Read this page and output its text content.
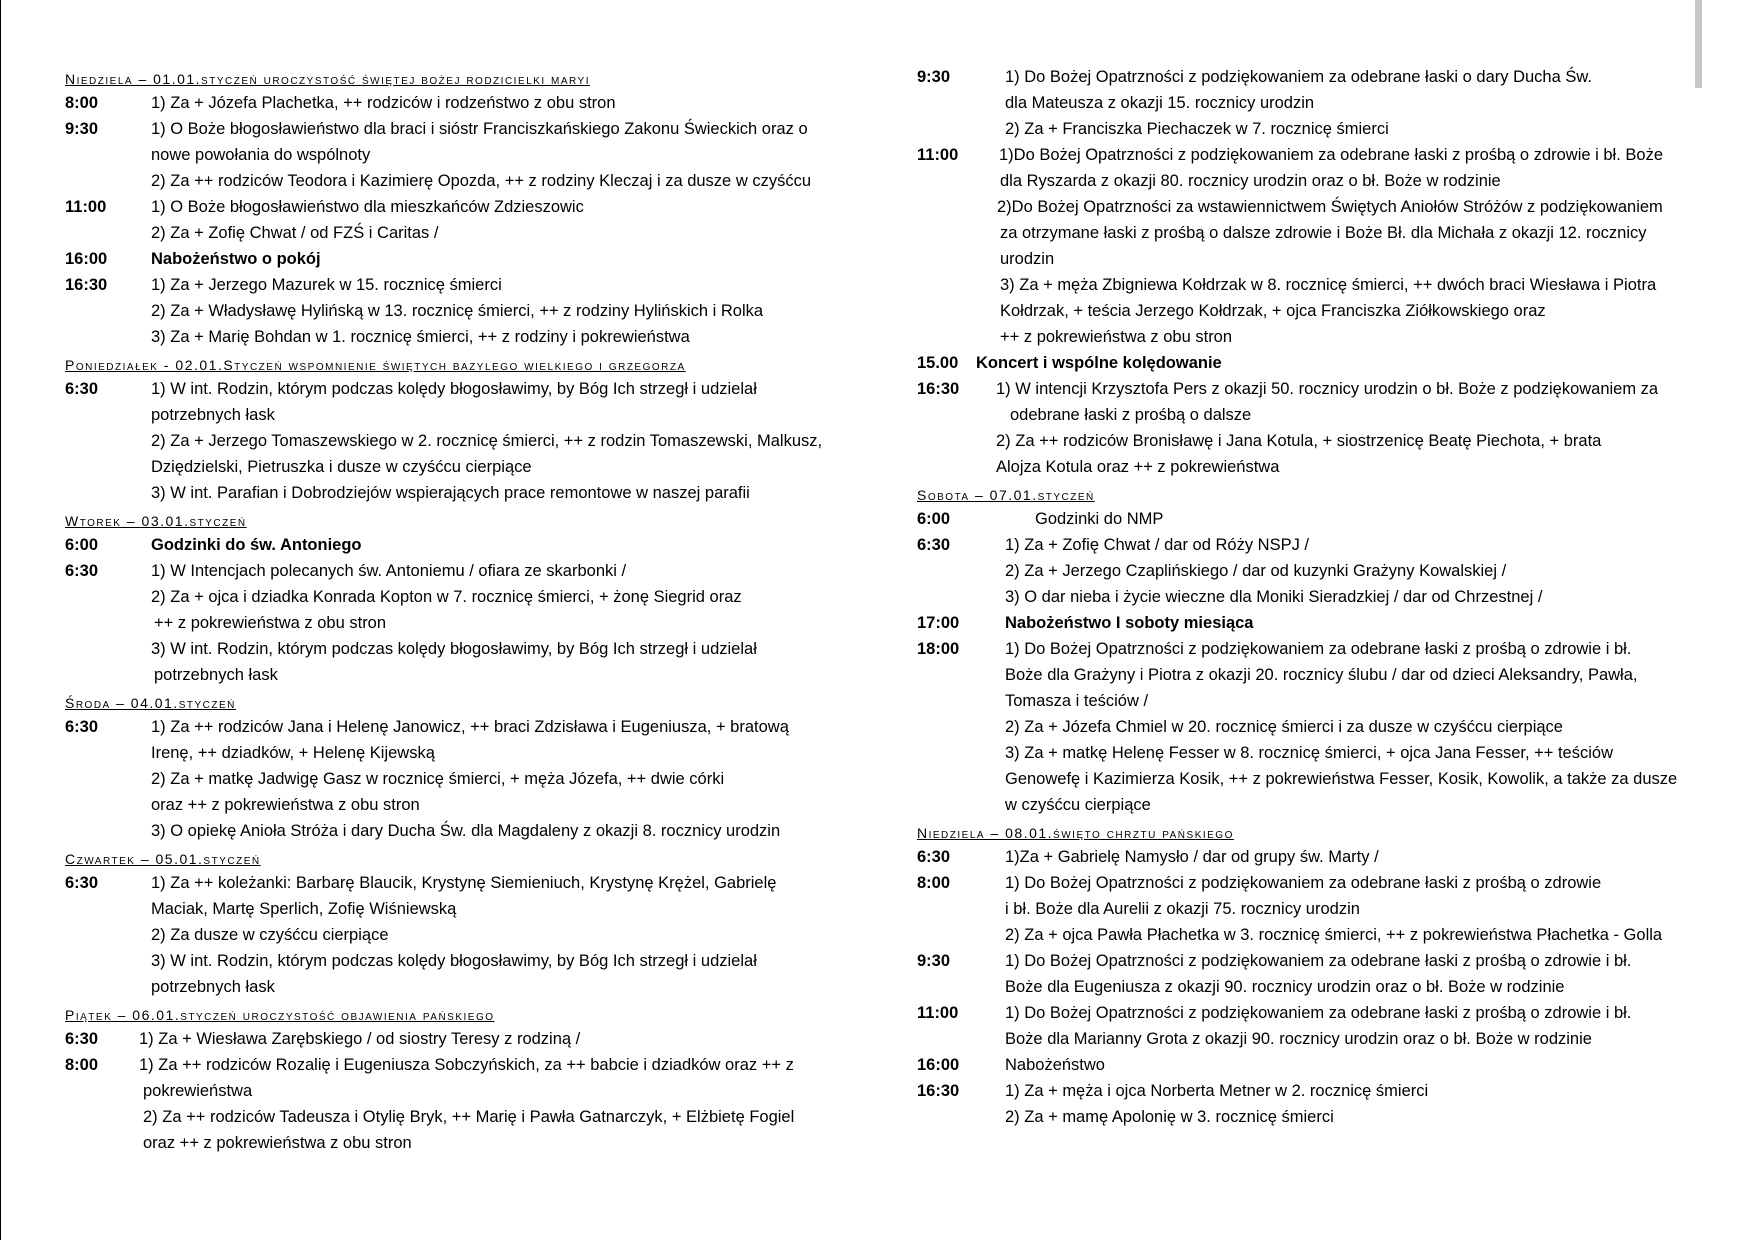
Niedziela – 01.01.styczeń uroczystość świętej bożej rodzicielki maryi
8:00	1) Za + Józefa Plachetka, ++ rodziców i rodzeństwo z obu stron
9:30	1) O Boże błogosławieństwo dla braci i sióstr Franciszkańskiego Zakonu Świeckich oraz o
nowe powołania do wspólnoty
2) Za ++ rodziców Teodora i Kazimierę Opozda, ++ z rodziny Kleczaj i za dusze w czyśćcu
11:00	1) O Boże błogosławieństwo dla mieszkańców Zdzieszowic
2) Za + Zofię Chwat / od FZŚ i Caritas /
16:00	Nabożeństwo o pokój
16:30	1) Za + Jerzego Mazurek w 15. rocznicę śmierci
2) Za + Władysławę Hylińską w 13. rocznicę śmierci, ++ z rodziny Hylińskich i Rolka
3) Za + Marię Bohdan w 1. rocznicę śmierci, ++ z rodziny i pokrewieństwa
Poniedziałek - 02.01.Styczeń wspomnienie świętych bazylego wielkiego i grzegorza
6:30	1) W int. Rodzin, którym podczas kolędy błogosławimy, by Bóg Ich strzegł i udzielał
potrzebnych łask
2) Za + Jerzego Tomaszewskiego w 2. rocznicę śmierci, ++ z rodzin Tomaszewski, Malkusz,
Dziędzielski, Pietruszka i dusze w czyśćcu cierpiące
3) W int. Parafian i Dobrodziejów wspierających prace remontowe w naszej parafii
Wtorek – 03.01.styczeń
6:00	Godzinki do św. Antoniego
6:30	1) W Intencjach polecanych św. Antoniemu / ofiara ze skarbonki /
2) Za + ojca i dziadka Konrada Kopton w 7. rocznicę śmierci, + żonę Siegrid oraz
++ z pokrewieństwa z obu stron
3) W int. Rodzin, którym podczas kolędy błogosławimy, by Bóg Ich strzegł i udzielał
potrzebnych łask
Środa – 04.01.styczeń
6:30	1) Za ++ rodziców Jana i Helenę Janowicz, ++ braci Zdzisława i Eugeniusza, + bratową
Irenę, ++ dziadków, + Helenę Kijewską
2) Za + matkę Jadwigę Gasz w rocznicę śmierci, + męża Józefa, ++ dwie córki
oraz ++ z pokrewieństwa z obu stron
3) O opiekę Anioła Stróża i dary Ducha Św. dla Magdaleny z okazji 8. rocznicy urodzin
Czwartek – 05.01.styczeń
6:30	1) Za ++ koleżanki: Barbarę Blaucik, Krystynę Siemieniuch, Krystynę Krężel, Gabrielę
Maciak, Martę Sperlich, Zofię Wiśniewską
2) Za dusze w czyśćcu cierpiące
3) W int. Rodzin, którym podczas kolędy błogosławimy, by Bóg Ich strzegł i udzielał
potrzebnych łask
Piątek – 06.01.styczeń uroczystość objawienia pańskiego
6:30 1) Za + Wiesława Zarębskiego / od siostry Teresy z rodziną /
8:00 1) Za ++ rodziców Rozalię i Eugeniusza Sobczyńskich, za ++ babcie i dziadków oraz ++ z
pokrewieństwa
2) Za ++ rodziców Tadeusza i Otylię Bryk, ++ Marię i Pawła Gatnarczyk, + Elżbietę Fogiel
oraz ++ z pokrewieństwa z obu stron
9:30	1) Do Bożej Opatrzności z podziękowaniem za odebrane łaski o dary Ducha Św.
dla Mateusza z okazji 15. rocznicy urodzin
2) Za + Franciszka Piechaczek w 7. rocznicę śmierci
11:00 1)Do Bożej Opatrzności z podziękowaniem za odebrane łaski z prośbą o zdrowie i bł. Boże
dla Ryszarda z okazji 80. rocznicy urodzin oraz o bł. Boże w rodzinie
2)Do Bożej Opatrzności za wstawiennictwem Świętych Aniołów Stróżów z podziękowaniem
za otrzymane łaski z prośbą o dalsze zdrowie i Boże Bł. dla Michała z okazji 12. rocznicy
urodzin
3) Za + męża Zbigniewa Kołdrzak w 8. rocznicę śmierci, ++ dwóch braci Wiesława i Piotra
Kołdrzak, + teścia Jerzego Kołdrzak, + ojca Franciszka Ziółkowskiego oraz
++ z pokrewieństwa z obu stron
15.00 Koncert i wspólne kolędowanie
16:30 1) W intencji Krzysztofa Pers z okazji 50. rocznicy urodzin o bł. Boże z podziękowaniem za
odebrane łaski z prośbą o dalsze
2) Za ++ rodziców Bronisławę i Jana Kotula, + siostrzenicę Beatę Piechota, + brata
Alojza Kotula oraz ++ z pokrewieństwa
Sobota – 07.01.styczeń
6:00	Godzinki do NMP
6:30	1) Za + Zofię Chwat / dar od Róży NSPJ /
2) Za + Jerzego Czaplińskiego / dar od kuzynki Grażyny Kowalskiej /
3) O dar nieba i życie wieczne dla Moniki Sieradzkiej / dar od Chrzestnej /
17:00	Nabożeństwo I soboty miesiąca
18:00	1) Do Bożej Opatrzności z podziękowaniem za odebrane łaski z prośbą o zdrowie i bł.
Boże dla Grażyny i Piotra z okazji 20. rocznicy ślubu / dar od dzieci Aleksandry, Pawła,
Tomasza i teściów /
2) Za + Józefa Chmiel w 20. rocznicę śmierci i za dusze w czyśćcu cierpiące
3) Za + matkę Helenę Fesser w 8. rocznicę śmierci, + ojca Jana Fesser, ++ teściów
Genowefę i Kazimierza Kosik, ++ z pokrewieństwa Fesser, Kosik, Kowolik, a także za dusze
w czyśćcu cierpiące
Niedziela – 08.01.święto chrztu pańskiego
6:30	1)Za + Gabrielę Namysło / dar od grupy św. Marty /
8:00	1) Do Bożej Opatrzności z podziękowaniem za odebrane łaski z prośbą o zdrowie
i bł. Boże dla Aurelii z okazji 75. rocznicy urodzin
2) Za + ojca Pawła Płachetka w 3. rocznicę śmierci, ++ z pokrewieństwa Płachetka - Golla
9:30	1) Do Bożej Opatrzności z podziękowaniem za odebrane łaski z prośbą o zdrowie i bł.
Boże dla Eugeniusza z okazji 90. rocznicy urodzin oraz o bł. Boże w rodzinie
11:00	1) Do Bożej Opatrzności z podziękowaniem za odebrane łaski z prośbą o zdrowie i bł.
Boże dla Marianny Grota z okazji 90. rocznicy urodzin oraz o bł. Boże w rodzinie
16:00	Nabożeństwo
16:30	1) Za + męża i ojca Norberta Metner w 2. rocznicę śmierci
2) Za + mamę Apolonię w 3. rocznicę śmierci
